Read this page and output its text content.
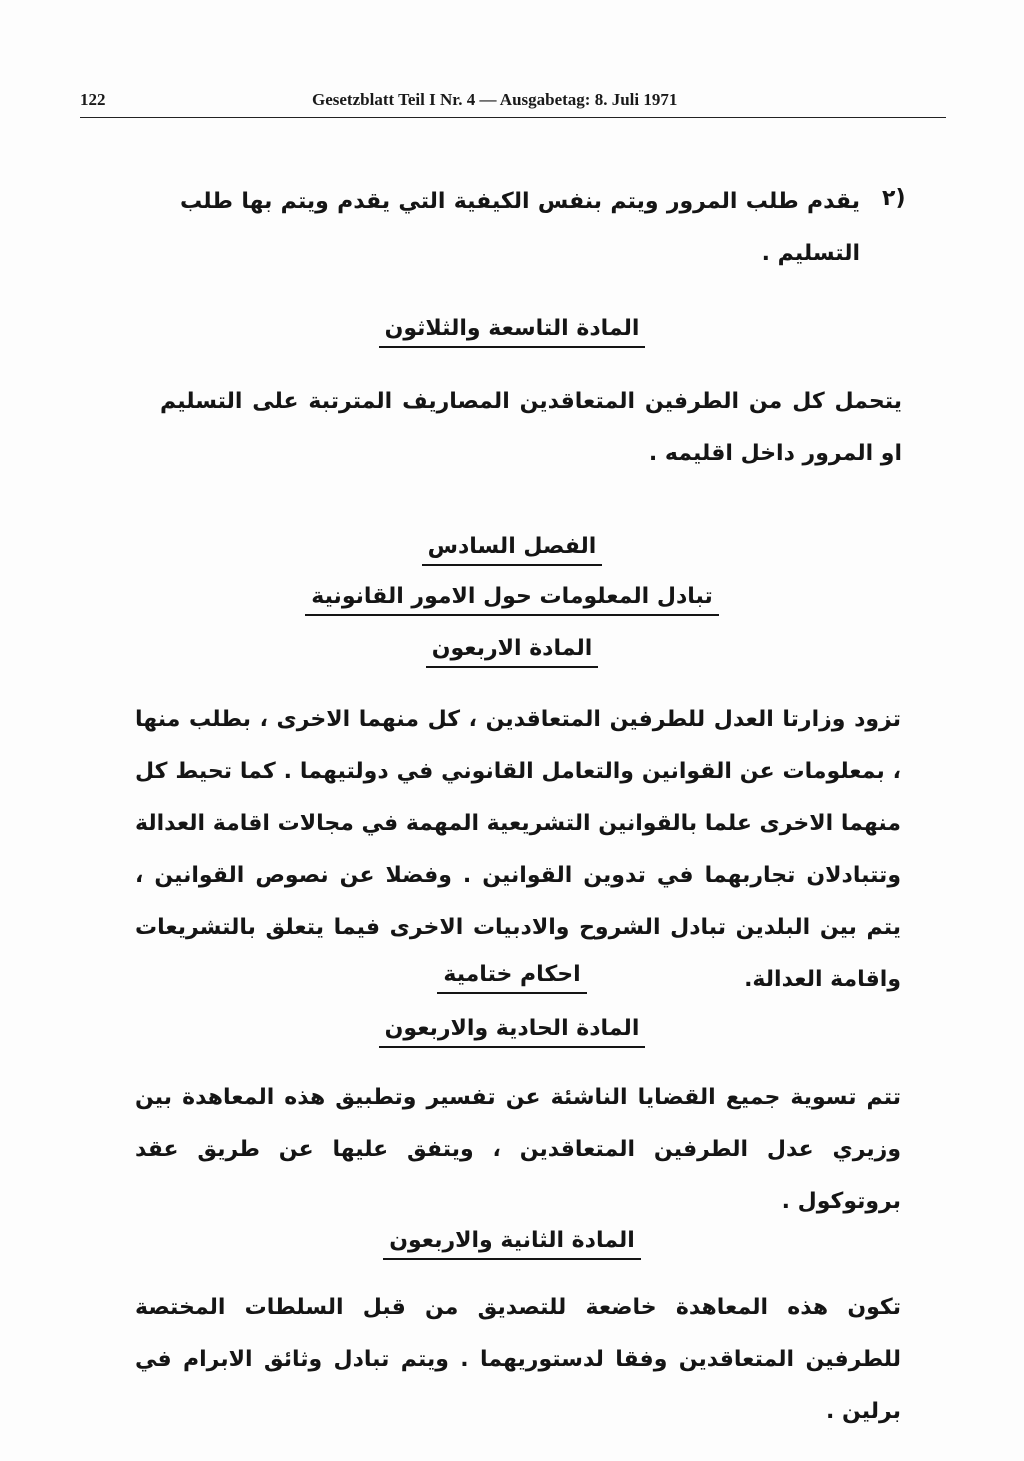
122	Gesetzblatt Teil I Nr. 4 — Ausgabetag: 8. Juli 1971
٢)
يقدم طلب المرور ويتم بنفس الكيفية التي يقدم ويتم بها طلب التسليم .
المادة التاسعة والثلاثون
يتحمل كل من الطرفين المتعاقدين المصاريف المترتبة على التسليم او المرور داخل اقليمه .
الفصل السادس
تبادل المعلومات حول الامور القانونية
المادة الاربعون
تزود وزارتا العدل للطرفين المتعاقدين ، كل منهما الاخرى ، بطلب منها ، بمعلومات عن القوانين والتعامل القانوني في دولتيهما . كما تحيط كل منهما الاخرى علما بالقوانين التشريعية المهمة في مجالات اقامة العدالة وتتبادلان تجاربهما في تدوين القوانين . وفضلا عن نصوص القوانين ، يتم بين البلدين تبادل الشروح والادبيات الاخرى فيما يتعلق بالتشريعات واقامة العدالة.
احكام ختامية
المادة الحادية والاربعون
تتم تسوية جميع القضايا الناشئة عن تفسير وتطبيق هذه المعاهدة بين وزيري عدل الطرفين المتعاقدين ، ويتفق عليها عن طريق عقد بروتوكول .
المادة الثانية والاربعون
تكون هذه المعاهدة خاضعة للتصديق من قبل السلطات المختصة للطرفين المتعاقدين وفقا لدستوريهما . ويتم تبادل وثائق الابرام في برلين .
